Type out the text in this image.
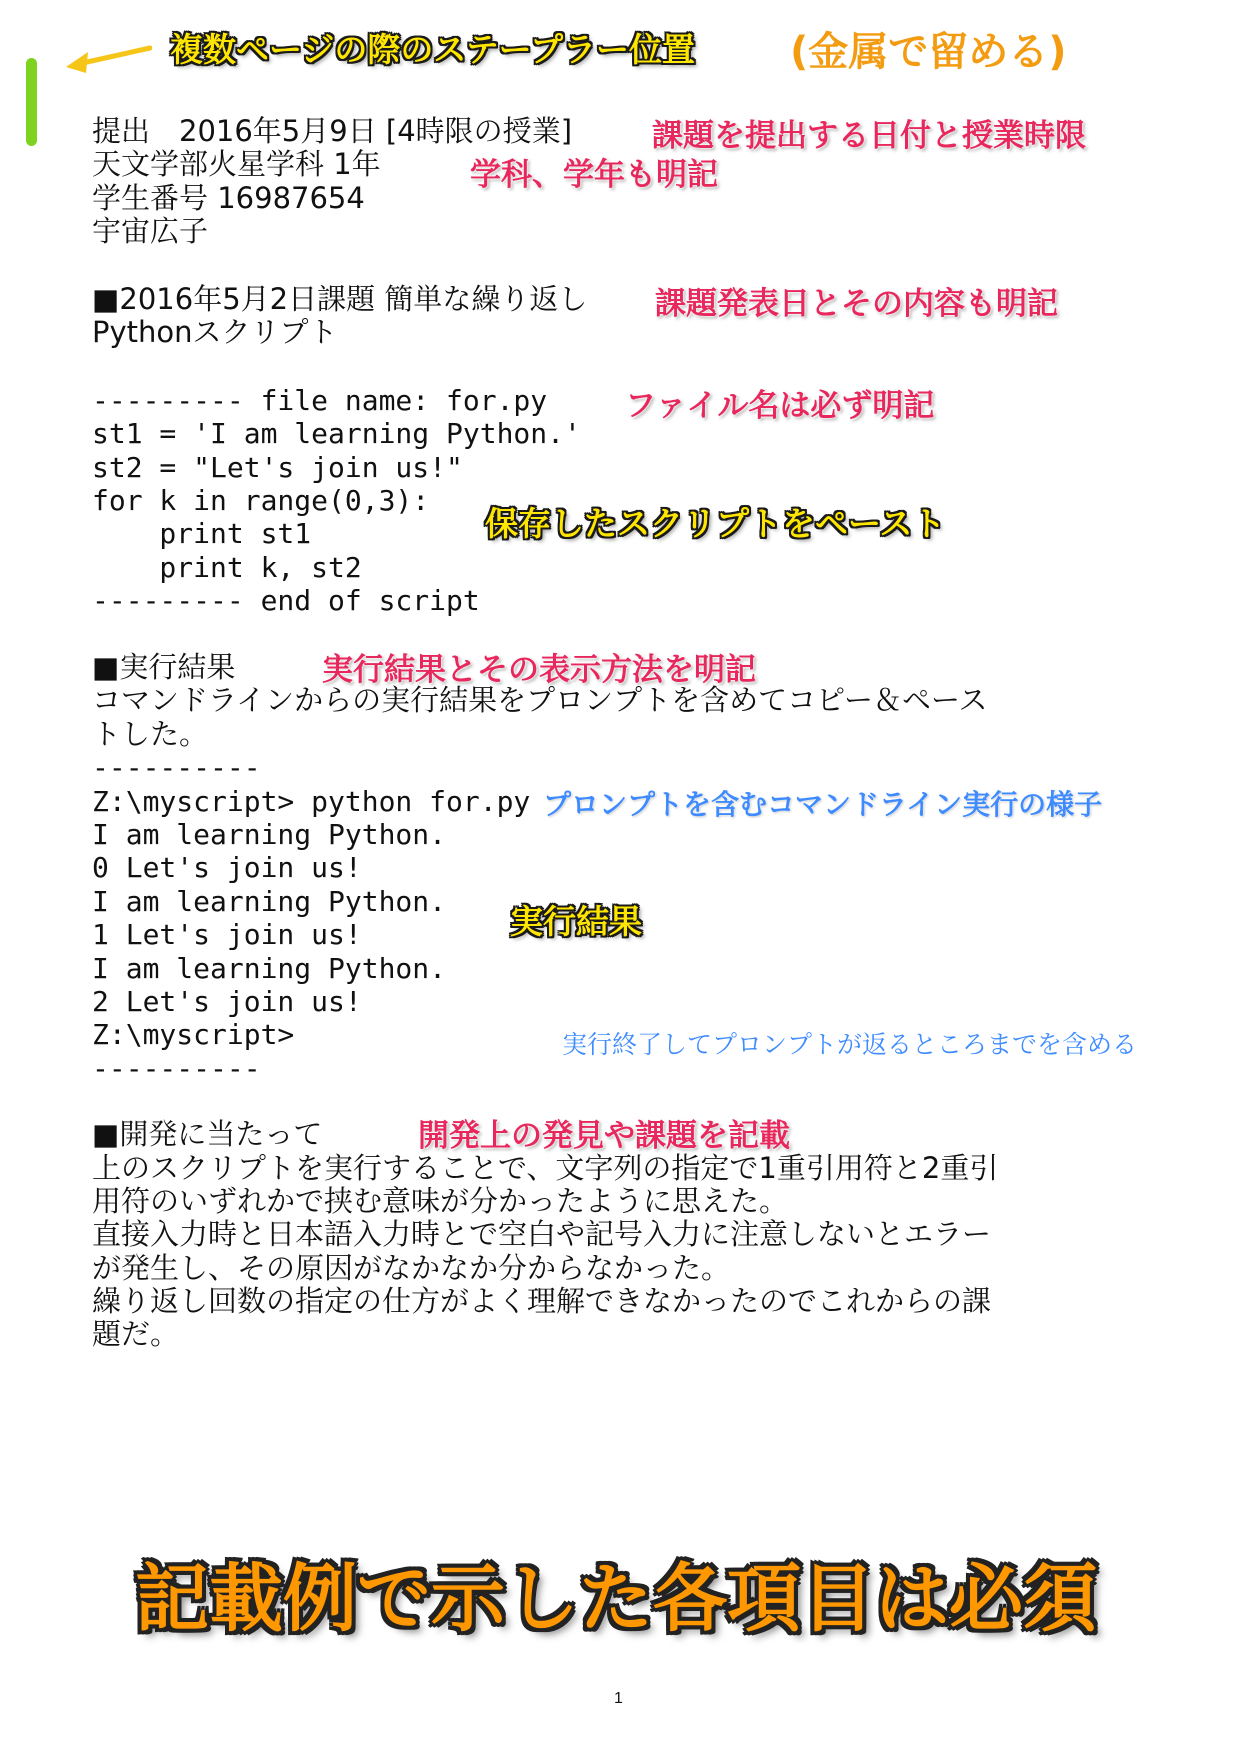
複数ページの際のステープラー位置 (金属で留める)
提出　2016年5月9日 [4時限の授業]
天文学部火星学科 1年
学生番号 16987654
宇宙広子
課題を提出する日付と授業時限
学科、学年も明記
■2016年5月2日課題 簡単な繰り返し
Pythonスクリプト
課題発表日とその内容も明記
--------- file name: for.py
st1 = 'I am learning Python.'
st2 = "Let's join us!"
for k in range(0,3):
print st1
print k, st2
--------- end of script
ファイル名は必ず明記
保存したスクリプトをペースト
■実行結果	実行結果とその表示方法を明記
コマンドラインからの実行結果をプロンプトを含めてコピー＆ペース
トした。
----------
Z:\myscript> python for.py
I am learning Python.
0 Let's join us!
I am learning Python.
1 Let's join us!
I am learning Python.
2 Let's join us!
Z:\myscript>
----------
プロンプトを含むコマンドライン実行の様子
実行結果
実行終了してプロンプトが返るところまでを含める
■開発に当たって	開発上の発見や課題を記載
上のスクリプトを実行することで、文字列の指定で1重引用符と2重引
用符のいずれかで挟む意味が分かったように思えた。
直接入力時と日本語入力時とで空白や記号入力に注意しないとエラー
が発生し、その原因がなかなか分からなかった。
繰り返し回数の指定の仕方がよく理解できなかったのでこれからの課
題だ。
記載例で示した各項目は必須
1
